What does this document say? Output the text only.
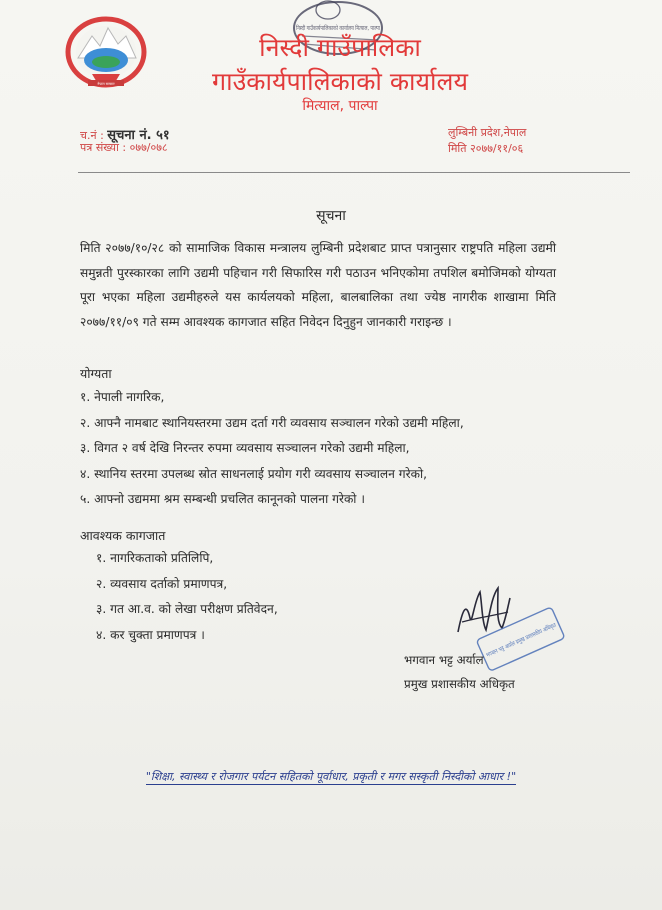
नेपाल सरकार
निस्दी गाउँकार्यपालिकाको कार्यालय मित्याल, पाल्पा
निस्दी गाउँपालिका
गाउँकार्यपालिकाको कार्यालय
मित्याल, पाल्पा
च.नं : सूचना नं. ५१
पत्र संख्या : ०७७/०७८
लुम्बिनी प्रदेश,नेपाल
मिति २०७७/११/०६
सूचना
मिति २०७७/१०/२८ को सामाजिक विकास मन्त्रालय लुम्बिनी प्रदेशबाट प्राप्त पत्रानुसार राष्ट्रपति महिला उद्यमी समुन्नती पुरस्कारका लागि उद्यमी पहिचान गरी सिफारिस गरी पठाउन भनिएकोमा तपशिल बमोजिमको योग्यता पूरा भएका महिला उद्यमीहरुले यस कार्यलयको महिला, बालबालिका तथा ज्येष्ठ नागरीक शाखामा मिति २०७७/११/०९ गते सम्म आवश्यक कागजात सहित निवेदन दिनुहुन जानकारी गराइन्छ ।
योग्यता
१. नेपाली नागरिक,
२. आफ्नै नामबाट स्थानियस्तरमा उद्यम दर्ता गरी व्यवसाय सञ्चालन गरेको उद्यमी महिला,
३. विगत २ वर्ष देखि निरन्तर रुपमा व्यवसाय सञ्चालन गरेको उद्यमी महिला,
४. स्थानिय स्तरमा उपलब्ध स्रोत साधनलाई प्रयोग गरी व्यवसाय सञ्चालन गरेको,
५. आफ्नो उद्यममा श्रम सम्बन्धी प्रचलित कानूनको पालना गरेको ।
आवश्यक कागजात
१. नागरिकताको प्रतिलिपि,
२. व्यवसाय दर्ताको प्रमाणपत्र,
३. गत आ.व. को लेखा परीक्षण प्रतिवेदन,
४. कर चुक्ता प्रमाणपत्र ।	भगवान भट्ट अर्याल प्रमुख प्रशासकीय अधिकृत
भगवान भट्ट अर्याल
प्रमुख प्रशासकीय अधिकृत
"शिक्षा, स्वास्थ्य र रोजगार पर्यटन सहितको पूर्वाधार, प्रकृती र मगर सस्कृती निस्दीको आधार !"
